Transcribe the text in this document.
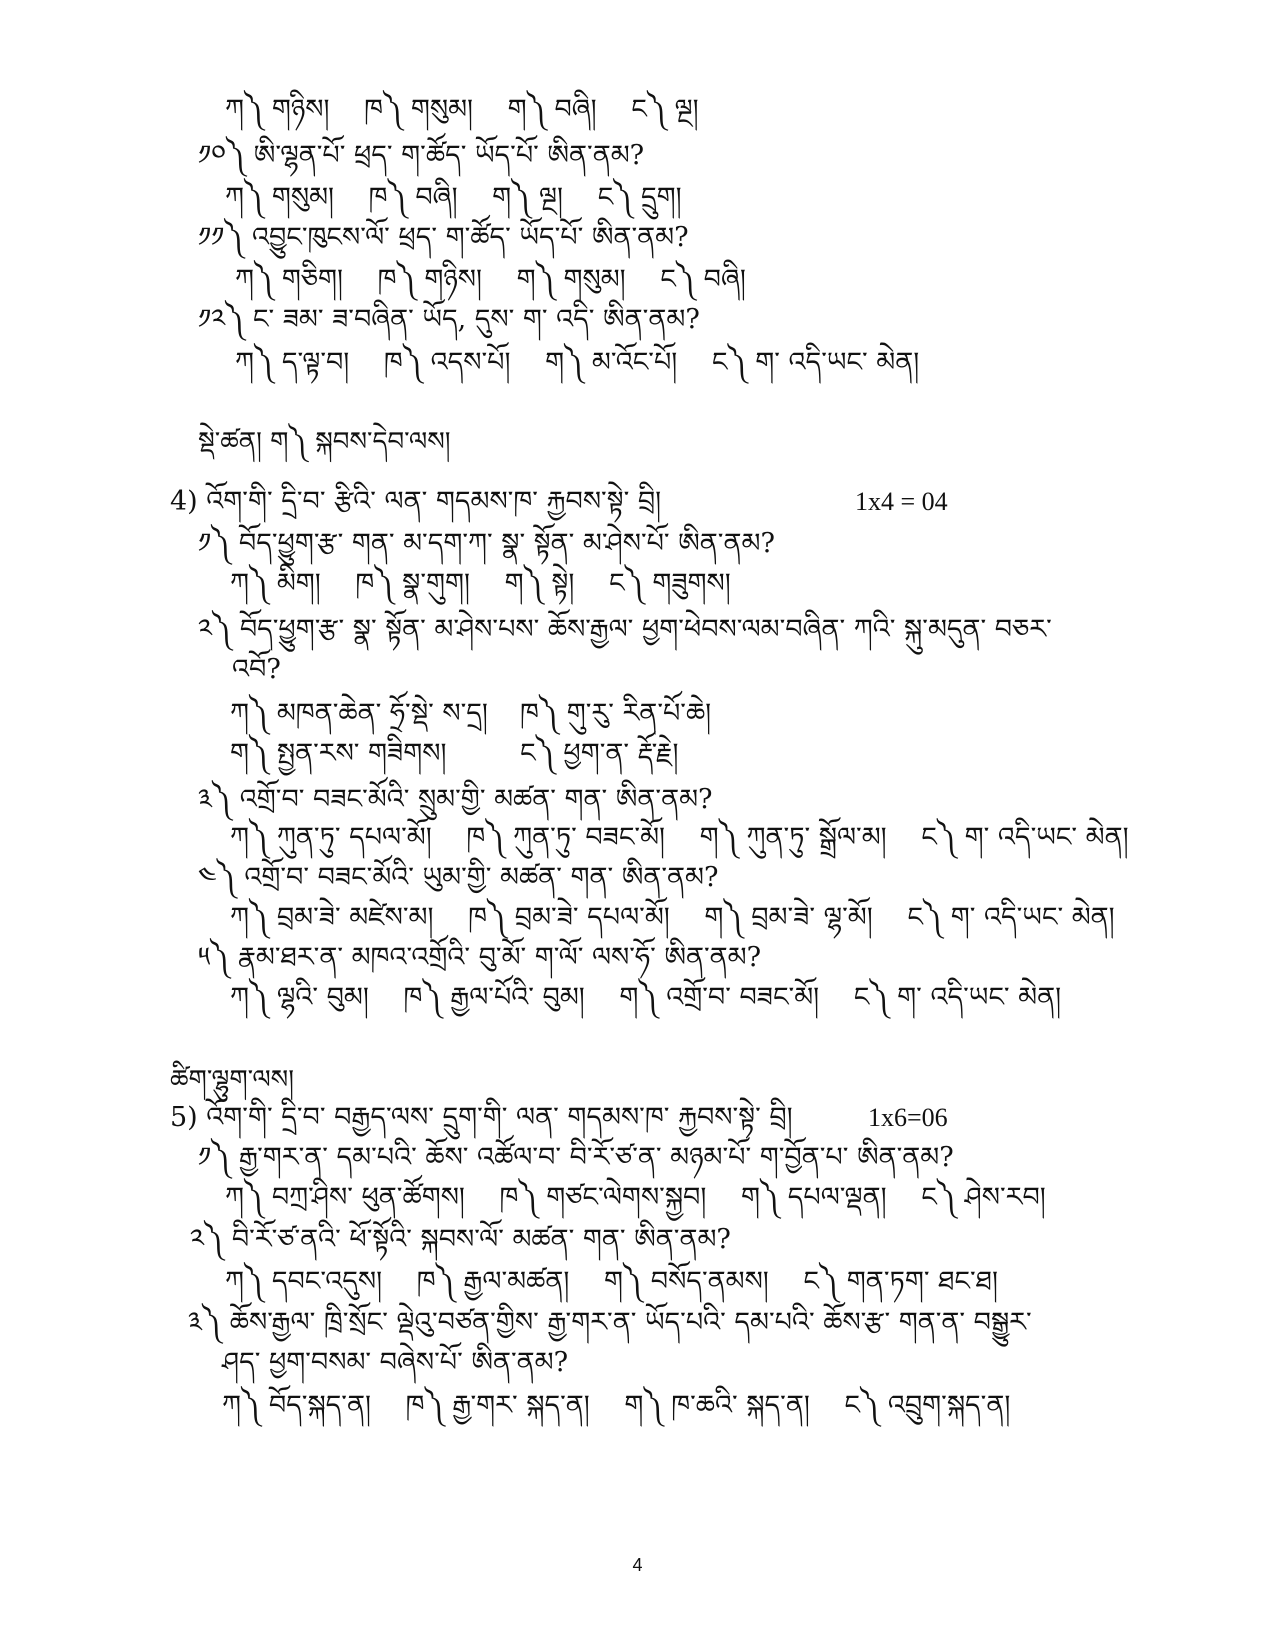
ཀ༽ གཉིས། ཁ༽ གསུམ། ག༽ བཞི། ང༽ ལྔ།
༡༠༽ ཨི་ལྷན་པོ་ ཕྲད་ ག་ཚོད་ ཡོད་པོ་ ཨིན་ནམ?
ཀ༽ གསུམ། ཁ༽ བཞི། ག༽ ལྔ། ང༽ དྲུག།
༡༡༽ འབྱུང་ཁུངས་ལོ་ ཕྲད་ ག་ཚོད་ ཡོད་པོ་ ཨིན་ནམ?
ཀ༽ གཅིག། ཁ༽ གཉིས། ག༽ གསུམ། ང༽ བཞི།
༡༢༽ ང་ ཟམ་ ཟ་བཞིན་ ཡོད, དུས་ ག་ འདི་ ཨིན་ནམ?
ཀ༽ ད་ལྟ་བ། ཁ༽ འདས་པོ། ག༽ མ་འོང་པོ། ང༽ ག་ འདི་ཡང་ མེན།
སྡེ་ཚན། ག༽ སྐབས་དེབ་ལས།
4) འོག་གི་ དྲི་བ་ རྩིའི་ ལན་ གདམས་ཁ་ རྐྱབས་སྟེ་ བྲི།	1x4 = 04
༡༽ བོད་ཕྱུག་རྩ་ གན་ མ་དག་ཀ་ སྣ་ སྟོན་ མ་ཤེས་པོ་ ཨིན་ནམ?
ཀ༽ མིག། ཁ༽ སྣ་གུག། ག༽ སྟེ། ང༽ གཟུགས།
༢༽ བོད་ཕྱུག་རྩ་ སྣ་ སྟོན་ མ་ཤེས་པས་ ཆོས་རྒྱལ་ ཕྱག་ཕེབས་ལམ་བཞིན་ ཀའི་ སྐུ་མདུན་ བཅར་
འབོ?
ཀ༽ མཁན་ཆེན་ ཧྲོ་སྡེ་ ས་དྲ། ཁ༽ གུ་རུ་ རིན་པོ་ཆེ།
ག༽ སྤྱན་རས་ གཟིགས།	ང༽ ཕྱག་ན་ རྡོ་རྗེ།
༣༽ འགྲོ་བ་ བཟང་མོའི་ སྲུམ་གྱི་ མཚན་ གན་ ཨིན་ནམ?
ཀ༽ ཀུན་ཏུ་ དཔལ་མོ། ཁ༽ ཀུན་ཏུ་ བཟང་མོ། ག༽ ཀུན་ཏུ་ སྒྲོལ་མ། ང༽ ག་ འདི་ཡང་ མེན།
༤༽ འགྲོ་བ་ བཟང་མོའི་ ཡུམ་གྱི་ མཚན་ གན་ ཨིན་ནམ?
ཀ༽ བྲམ་ཟེ་ མཛེས་མ། ཁ༽ བྲམ་ཟེ་ དཔལ་མོ། ག༽ བྲམ་ཟེ་ ལྷ་མོ། ང༽ ག་ འདི་ཡང་ མེན།
༥༽ རྣམ་ཐར་ན་ མཁའ་འགྲོའི་ བུ་མོ་ ག་ལོ་ ལས་ཧོ་ ཨིན་ནམ?
ཀ༽ ལྷའི་ བུམ། ཁ༽ རྒྱལ་པོའི་ བུམ། ག༽ འགྲོ་བ་ བཟང་མོ། ང༽ ག་ འདི་ཡང་ མེན།
ཚིག་ལྷུག་ལས།
5) འོག་གི་ དྲི་བ་ བརྒྱད་ལས་ དྲུག་གི་ ལན་ གདམས་ཁ་ རྐྱབས་སྟེ་ བྲི།	1x6=06
༡༽ རྒྱ་གར་ན་ དམ་པའི་ ཆོས་ འཚོལ་བ་ བི་རོ་ཙ་ན་ མཉམ་པོ་ ག་བྱོན་པ་ ཨིན་ནམ?
ཀ༽ བཀྲ་ཤིས་ ཕུན་ཚོགས། ཁ༽ གཙང་ལེགས་སྐྱབ། ག༽ དཔལ་ལྡན། ང༽ ཤེས་རབ།
༢༽ བི་རོ་ཙ་ནའི་ ཕོ་སྟོའི་ སྐབས་ལོ་ མཚན་ གན་ ཨིན་ནམ?
ཀ༽ དབང་འདུས། ཁ༽ རྒྱལ་མཚན། ག༽ བསོད་ནམས། ང༽ གན་ཏག་ ཐང་ཐ།
༣༽ ཆོས་རྒྱལ་ ཁྲི་སྲོང་ ལྡེའུ་བཙན་གྱིས་ རྒྱ་གར་ན་ ཡོད་པའི་ དམ་པའི་ ཆོས་རྩ་ གན་ན་ བསྒྱུར་
ཤད་ ཕྱག་བསམ་ བཞེས་པོ་ ཨིན་ནམ?
ཀ༽ བོད་སྐད་ན། ཁ༽ རྒྱ་གར་ སྐད་ན། ག༽ ཁ་ཆའི་ སྐད་ན། ང༽ འབྲུག་སྐད་ན།
4
